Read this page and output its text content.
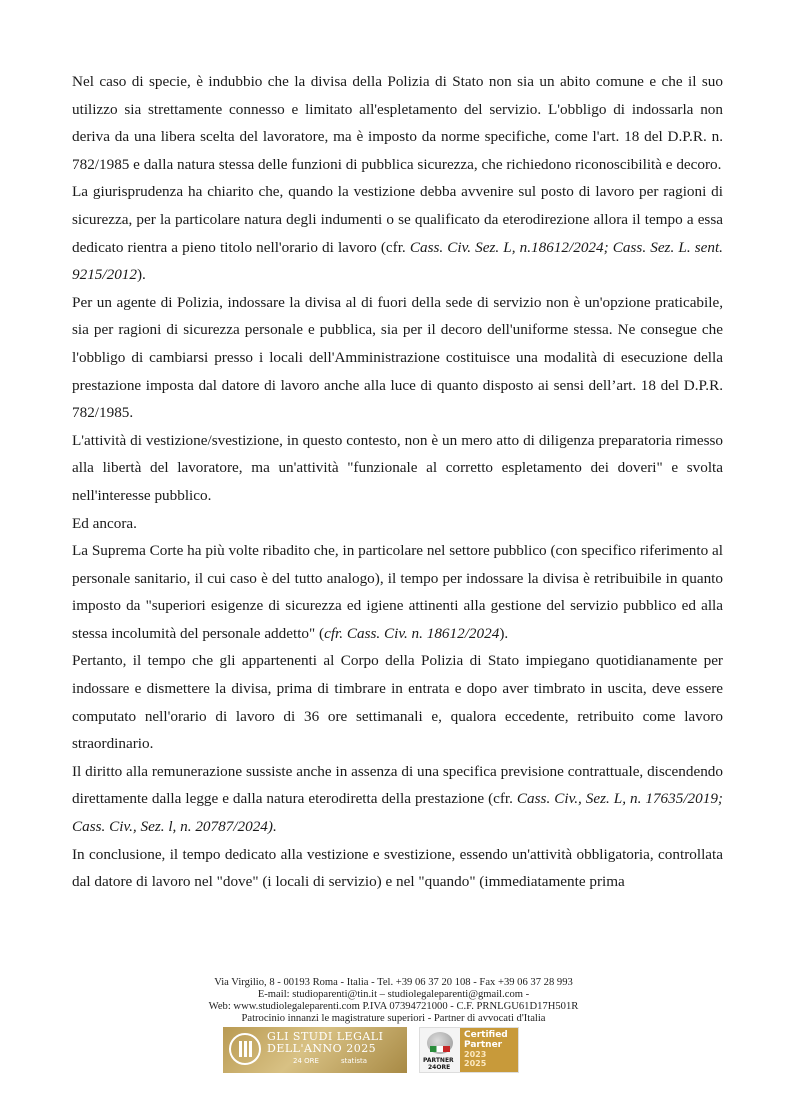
Nel caso di specie, è indubbio che la divisa della Polizia di Stato non sia un abito comune e che il suo utilizzo sia strettamente connesso e limitato all'espletamento del servizio. L'obbligo di indossarla non deriva da una libera scelta del lavoratore, ma è imposto da norme specifiche, come l'art. 18 del D.P.R. n. 782/1985 e dalla natura stessa delle funzioni di pubblica sicurezza, che richiedono riconoscibilità e decoro.

La giurisprudenza ha chiarito che, quando la vestizione debba avvenire sul posto di lavoro per ragioni di sicurezza, per la particolare natura degli indumenti o se qualificato da eterodirezione allora il tempo a essa dedicato rientra a pieno titolo nell'orario di lavoro (cfr. Cass. Civ. Sez. L, n.18612/2024; Cass. Sez. L. sent. 9215/2012).

Per un agente di Polizia, indossare la divisa al di fuori della sede di servizio non è un'opzione praticabile, sia per ragioni di sicurezza personale e pubblica, sia per il decoro dell'uniforme stessa. Ne consegue che l'obbligo di cambiarsi presso i locali dell'Amministrazione costituisce una modalità di esecuzione della prestazione imposta dal datore di lavoro anche alla luce di quanto disposto ai sensi dell’art. 18 del D.P.R. 782/1985.

L'attività di vestizione/svestizione, in questo contesto, non è un mero atto di diligenza preparatoria rimesso alla libertà del lavoratore, ma un'attività "funzionale al corretto espletamento dei doveri" e svolta nell'interesse pubblico.

Ed ancora.

La Suprema Corte ha più volte ribadito che, in particolare nel settore pubblico (con specifico riferimento al personale sanitario, il cui caso è del tutto analogo), il tempo per indossare la divisa è retribuibile in quanto imposto da "superiori esigenze di sicurezza ed igiene attinenti alla gestione del servizio pubblico ed alla stessa incolumità del personale addetto" (cfr. Cass. Civ. n. 18612/2024).

Pertanto, il tempo che gli appartenenti al Corpo della Polizia di Stato impiegano quotidianamente per indossare e dismettere la divisa, prima di timbrare in entrata e dopo aver timbrato in uscita, deve essere computato nell'orario di lavoro di 36 ore settimanali e, qualora eccedente, retribuito come lavoro straordinario.

Il diritto alla remunerazione sussiste anche in assenza di una specifica previsione contrattuale, discendendo direttamente dalla legge e dalla natura eterodiretta della prestazione (cfr. Cass. Civ., Sez. L, n. 17635/2019; Cass. Civ., Sez. l, n. 20787/2024).

In conclusione, il tempo dedicato alla vestizione e svestizione, essendo un'attività obbligatoria, controllata dal datore di lavoro nel "dove" (i locali di servizio) e nel "quando" (immediatamente prima

Via Virgilio, 8 - 00193 Roma - Italia - Tel. +39 06 37 20 108 - Fax +39 06 37 28 993
E-mail: studioparenti@tin.it – studiolegaleparenti@gmail.com -
Web: www.studiolegaleparenti.com P.IVA 07394721000 - C.F. PRNLGU61D17H501R
Patrocinio innanzi le magistrature superiori - Partner di avvocati d'Italia
GLI STUDI LEGALI
DELL'ANNO 2025
24 ORE	statista	PARTNER
24ORE
Certified
Partner
2023
2025
